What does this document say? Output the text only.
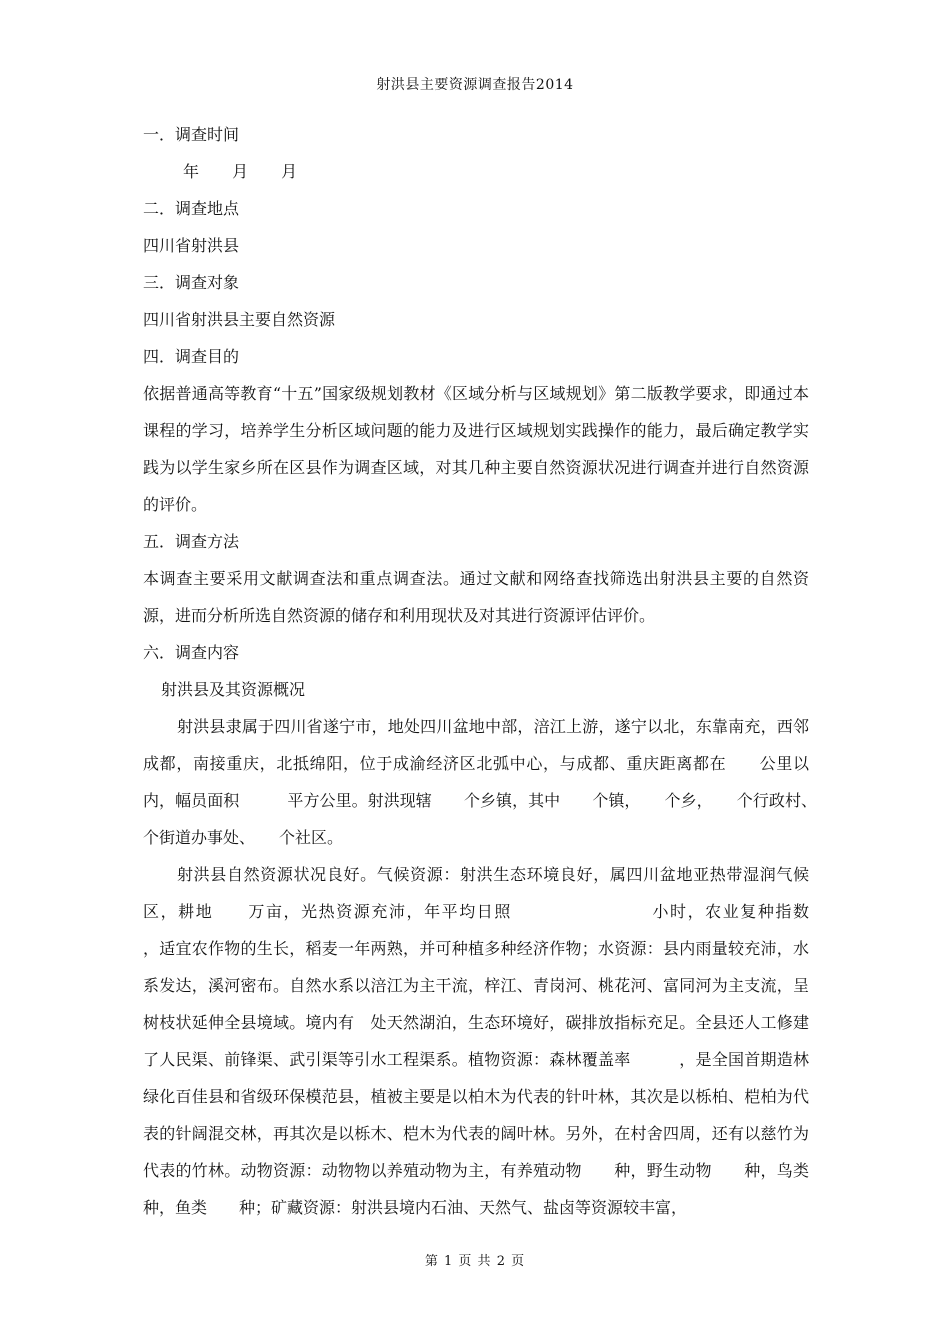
射洪县主要资源调查报告2014
一．调查时间
年 月 月
二．调查地点
四川省射洪县
三．调查对象
四川省射洪县主要自然资源
四．调查目的
依据普通高等教育“十五”国家级规划教材《区域分析与区域规划》第二版教学要求，即通过本课程的学习，培养学生分析区域问题的能力及进行区域规划实践操作的能力，最后确定教学实践为以学生家乡所在区县作为调查区域，对其几种主要自然资源状况进行调查并进行自然资源的评价。
五．调查方法
本调查主要采用文献调查法和重点调查法。通过文献和网络查找筛选出射洪县主要的自然资源，进而分析所选自然资源的储存和利用现状及对其进行资源评估评价。
六．调查内容
射洪县及其资源概况
射洪县隶属于四川省遂宁市，地处四川盆地中部，涪江上游，遂宁以北，东靠南充，西邻成都，南接重庆，北抵绵阳，位于成渝经济区北弧中心，与成都、重庆距离都在　　公里以内，幅员面积　　　平方公里。射洪现辖　　个乡镇，其中　　个镇，　　个乡，　　个行政村、　个街道办事处、　　个社区。
射洪县自然资源状况良好。气候资源：射洪生态环境良好，属四川盆地亚热带湿润气候区，耕地　　万亩，光热资源充沛，年平均日照　　　　　　　　小时，农业复种指数　　　，适宜农作物的生长，稻麦一年两熟，并可种植多种经济作物；水资源：县内雨量较充沛，水系发达，溪河密布。自然水系以涪江为主干流，梓江、青岗河、桃花河、富同河为主支流，呈树枝状延伸全县境域。境内有　处天然湖泊，生态环境好，碳排放指标充足。全县还人工修建了人民渠、前锋渠、武引渠等引水工程渠系。植物资源：森林覆盖率　　　，是全国首期造林绿化百佳县和省级环保模范县，植被主要是以柏木为代表的针叶林，其次是以栎柏、桤柏为代表的针阔混交林，再其次是以栎木、桤木为代表的阔叶林。另外，在村舍四周，还有以慈竹为代表的竹林。动物资源：动物物以养殖动物为主，有养殖动物　　种，野生动物　　种，鸟类　　种，鱼类　　种；矿藏资源：射洪县境内石油、天然气、盐卤等资源较丰富，
第 1 页 共 2 页
